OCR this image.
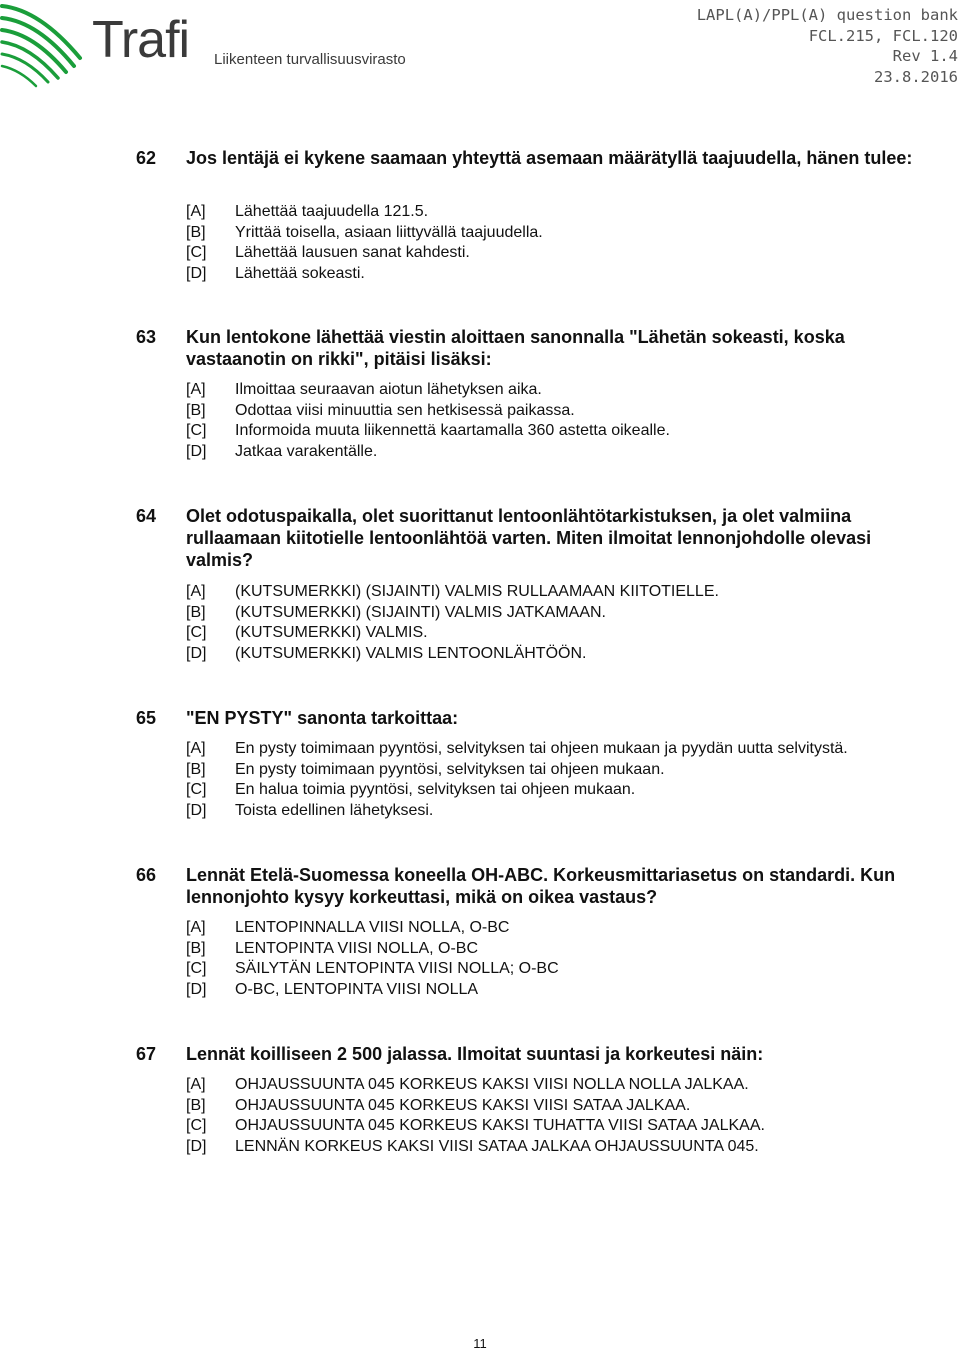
Trafi Liikenteen turvallisuusvirasto
LAPL(A)/PPL(A) question bank
FCL.215, FCL.120
Rev 1.4
23.8.2016
62 Jos lentäjä ei kykene saamaan yhteyttä asemaan määrätyllä taajuudella, hänen tulee:
[A] Lähettää taajuudella 121.5.
[B] Yrittää toisella, asiaan liittyvällä taajuudella.
[C] Lähettää lausuen sanat kahdesti.
[D] Lähettää sokeasti.
63 Kun lentokone lähettää viestin aloittaen sanonnalla "Lähetän sokeasti, koska vastaanotin on rikki", pitäisi lisäksi:
[A] Ilmoittaa seuraavan aiotun lähetyksen aika.
[B] Odottaa viisi minuuttia sen hetkisessä paikassa.
[C] Informoida muuta liikennettä kaartamalla 360 astetta oikealle.
[D] Jatkaa varakentälle.
64 Olet odotuspaikalla, olet suorittanut lentoonlähtötarkistuksen, ja olet valmiina rullaamaan kiitotielle lentoonlähtöä varten. Miten ilmoitat lennonjohdolle olevasi valmis?
[A] (KUTSUMERKKI) (SIJAINTI) VALMIS RULLAAMAAN KIITOTIELLE.
[B] (KUTSUMERKKI) (SIJAINTI) VALMIS JATKAMAAN.
[C] (KUTSUMERKKI) VALMIS.
[D] (KUTSUMERKKI) VALMIS LENTOONLÄHTÖÖN.
65 "EN PYSTY" sanonta tarkoittaa:
[A] En pysty toimimaan pyyntösi, selvityksen tai ohjeen mukaan ja pyydän uutta selvitystä.
[B] En pysty toimimaan pyyntösi, selvityksen tai ohjeen mukaan.
[C] En halua toimia pyyntösi, selvityksen tai ohjeen mukaan.
[D] Toista edellinen lähetyksesi.
66 Lennät Etelä-Suomessa koneella OH-ABC. Korkeusmittariasetus on standardi. Kun lennonjohto kysyy korkeuttasi, mikä on oikea vastaus?
[A] LENTOPINNALLA VIISI NOLLA, O-BC
[B] LENTOPINTA VIISI NOLLA, O-BC
[C] SÄILYTÄN LENTOPINTA VIISI NOLLA; O-BC
[D] O-BC, LENTOPINTA VIISI NOLLA
67 Lennät koilliseen 2 500 jalassa. Ilmoitat suuntasi ja korkeutesi näin:
[A] OHJAUSSUUNTA 045 KORKEUS KAKSI VIISI NOLLA NOLLA JALKAA.
[B] OHJAUSSUUNTA 045 KORKEUS KAKSI VIISI SATAA JALKAA.
[C] OHJAUSSUUNTA 045 KORKEUS KAKSI TUHATTA VIISI SATAA JALKAA.
[D] LENNÄN KORKEUS KAKSI VIISI SATAA JALKAA OHJAUSSUUNTA 045.
11
